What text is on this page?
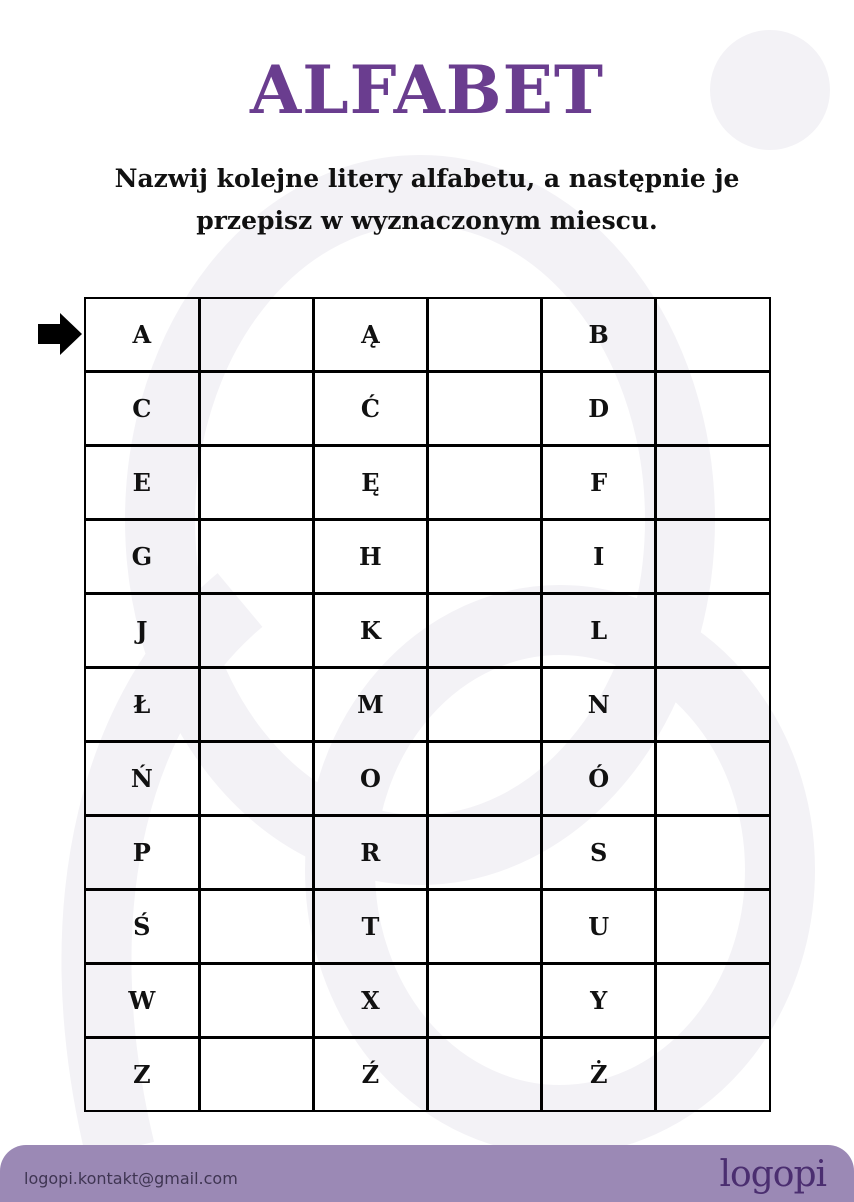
ALFABET
Nazwij kolejne litery alfabetu, a następnie je
przepisz w wyznaczonym miescu.
A		Ą		B	
C		Ć		D	
E		Ę		F	
G		H		I	
J		K		L	
Ł		M		N	
Ń		O		Ó	
P		R		S	
Ś		T		U	
W		X		Y	
Z		Ź		Ż	
logopi.kontakt@gmail.com	logopi
